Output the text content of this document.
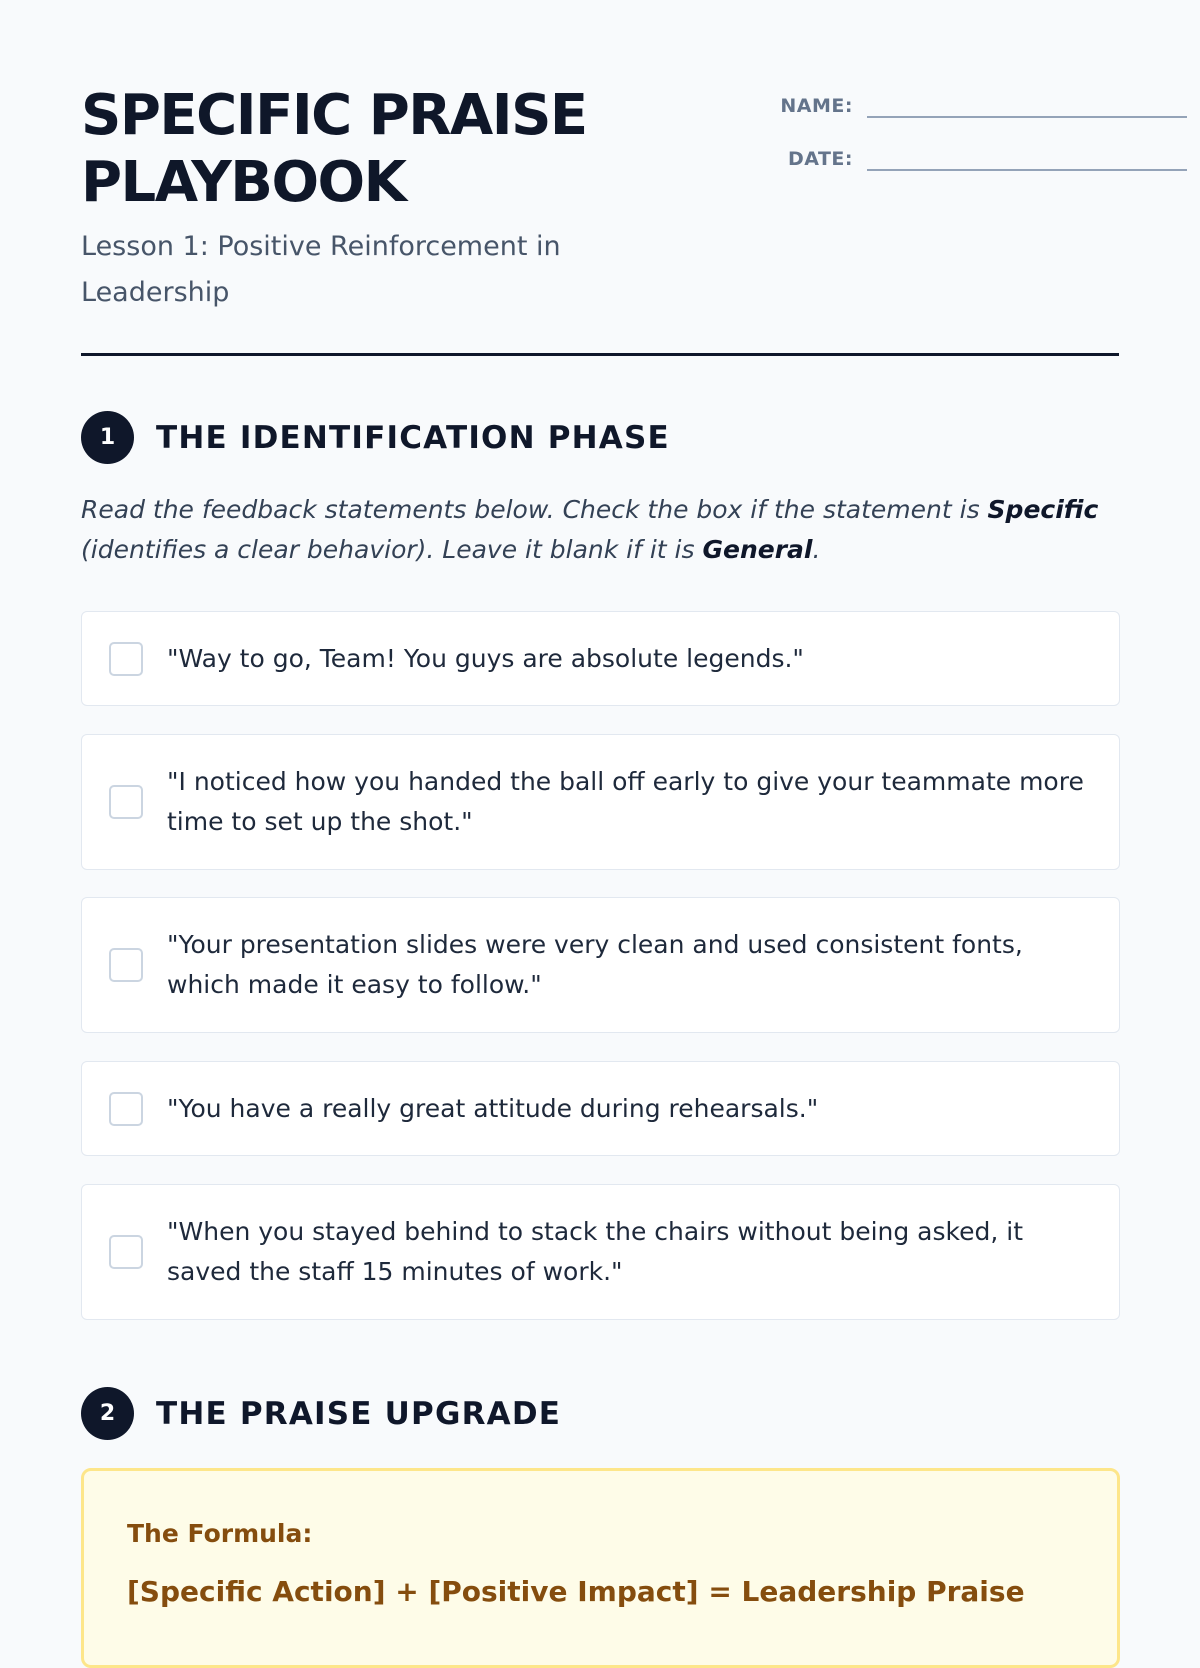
SPECIFIC PRAISE PLAYBOOK
Lesson 1: Positive Reinforcement in Leadership
NAME:
DATE:
1	THE IDENTIFICATION PHASE
Read the feedback statements below. Check the box if the statement is Specific (identifies a clear behavior). Leave it blank if it is General.
"Way to go, Team! You guys are absolute legends."
"I noticed how you handed the ball off early to give your teammate more time to set up the shot."
"Your presentation slides were very clean and used consistent fonts, which made it easy to follow."
"You have a really great attitude during rehearsals."
"When you stayed behind to stack the chairs without being asked, it saved the staff 15 minutes of work."
2	THE PRAISE UPGRADE
The Formula:
[Specific Action] + [Positive Impact] = Leadership Praise
